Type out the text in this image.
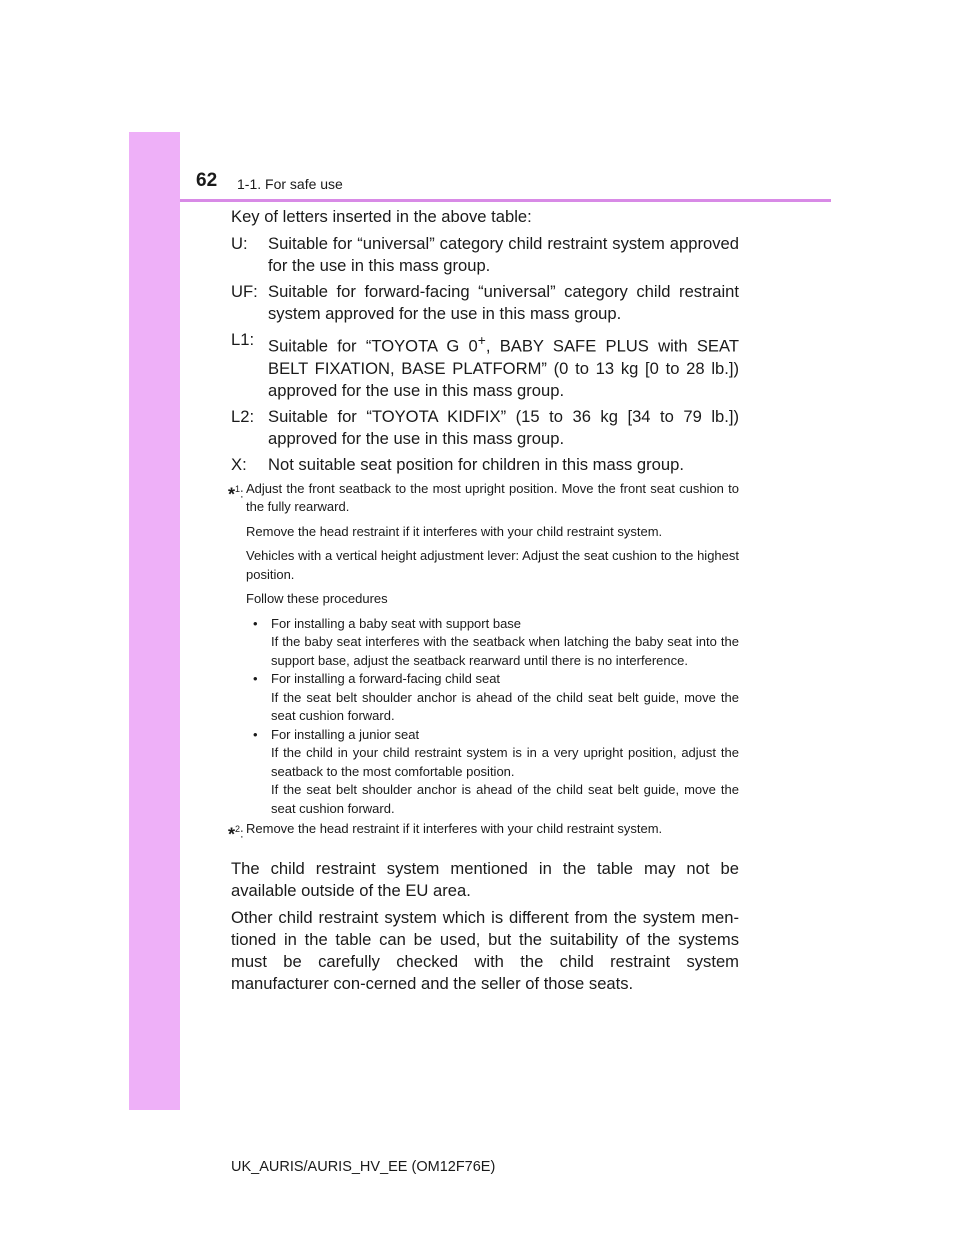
62 1-1. For safe use

Key of letters inserted in the above table:

U:	Suitable for “universal” category child restraint system approved for the use in this mass group.
UF: Suitable for forward-facing “universal” category child restraint system approved for the use in this mass group.
L1: Suitable for “TOYOTA G 0+, BABY SAFE PLUS with SEAT BELT FIXATION, BASE PLATFORM” (0 to 13 kg [0 to 28 lb.]) approved for the use in this mass group.
L2: Suitable for “TOYOTA KIDFIX” (15 to 36 kg [34 to 79 lb.]) approved for the use in this mass group.
X:	Not suitable seat position for children in this mass group.
*$^1$: Adjust the front seatback to the most upright position. Move the front seat cushion to the fully rearward.
Remove the head restraint if it interferes with your child restraint system.
Vehicles with a vertical height adjustment lever: Adjust the seat cushion to the highest position.
Follow these procedures
•	For installing a baby seat with support base
If the baby seat interferes with the seatback when latching the baby seat into the support base, adjust the seatback rearward until there is no interference.
•	For installing a forward-facing child seat
If the seat belt shoulder anchor is ahead of the child seat belt guide, move the seat cushion forward.
•	For installing a junior seat
If the child in your child restraint system is in a very upright position, adjust the seatback to the most comfortable position.
If the seat belt shoulder anchor is ahead of the child seat belt guide, move the seat cushion forward.
*$^2$: Remove the head restraint if it interferes with your child restraint system.

The child restraint system mentioned in the table may not be available outside of the EU area.

Other child restraint system which is different from the system men-tioned in the table can be used, but the suitability of the systems must be carefully checked with the child restraint system manufacturer con-cerned and the seller of those seats.

UK_AURIS/AURIS_HV_EE (OM12F76E)
